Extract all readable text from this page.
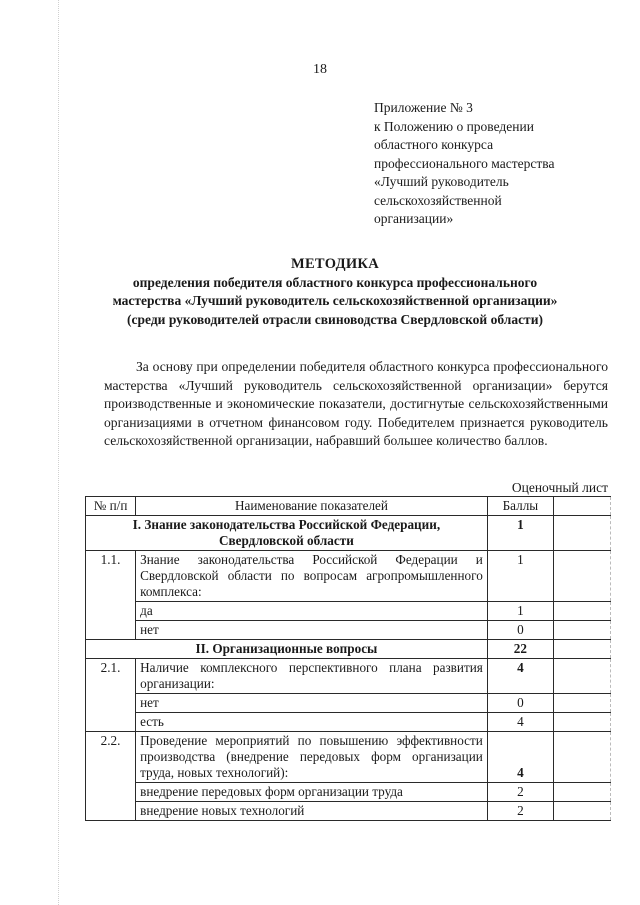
18
Приложение № 3
к Положению о проведении
областного конкурса
профессионального мастерства
«Лучший руководитель
сельскохозяйственной
организации»
МЕТОДИКА
определения победителя областного конкурса профессионального
мастерства «Лучший руководитель сельскохозяйственной организации»
(среди руководителей отрасли свиноводства Свердловской области)
За основу при определении победителя областного конкурса профессионального мастерства «Лучший руководитель сельскохозяйственной организации» берутся производственные и экономические показатели, достигнутые сельскохозяйственными организациями в отчетном финансовом году. Победителем признается руководитель сельскохозяйственной организации, набравший большее количество баллов.
Оценочный лист
№ п/п	Наименование показателей	Баллы	
I. Знание законодательства Российской Федерации, Свердловской области		1	
1.1.	Знание законодательства Российской Федерации и Свердловской области по вопросам агропромышленного комплекса:	1	
	да	1	
	нет	0	
II. Организационные вопросы		22	
2.1.	Наличие комплексного перспективного плана развития организации:	4	
	нет	0	
	есть	4	
2.2.	Проведение мероприятий по повышению эффективности производства (внедрение передовых форм организации труда, новых технологий):	4	
	внедрение передовых форм организации труда	2	
	внедрение новых технологий	2	
